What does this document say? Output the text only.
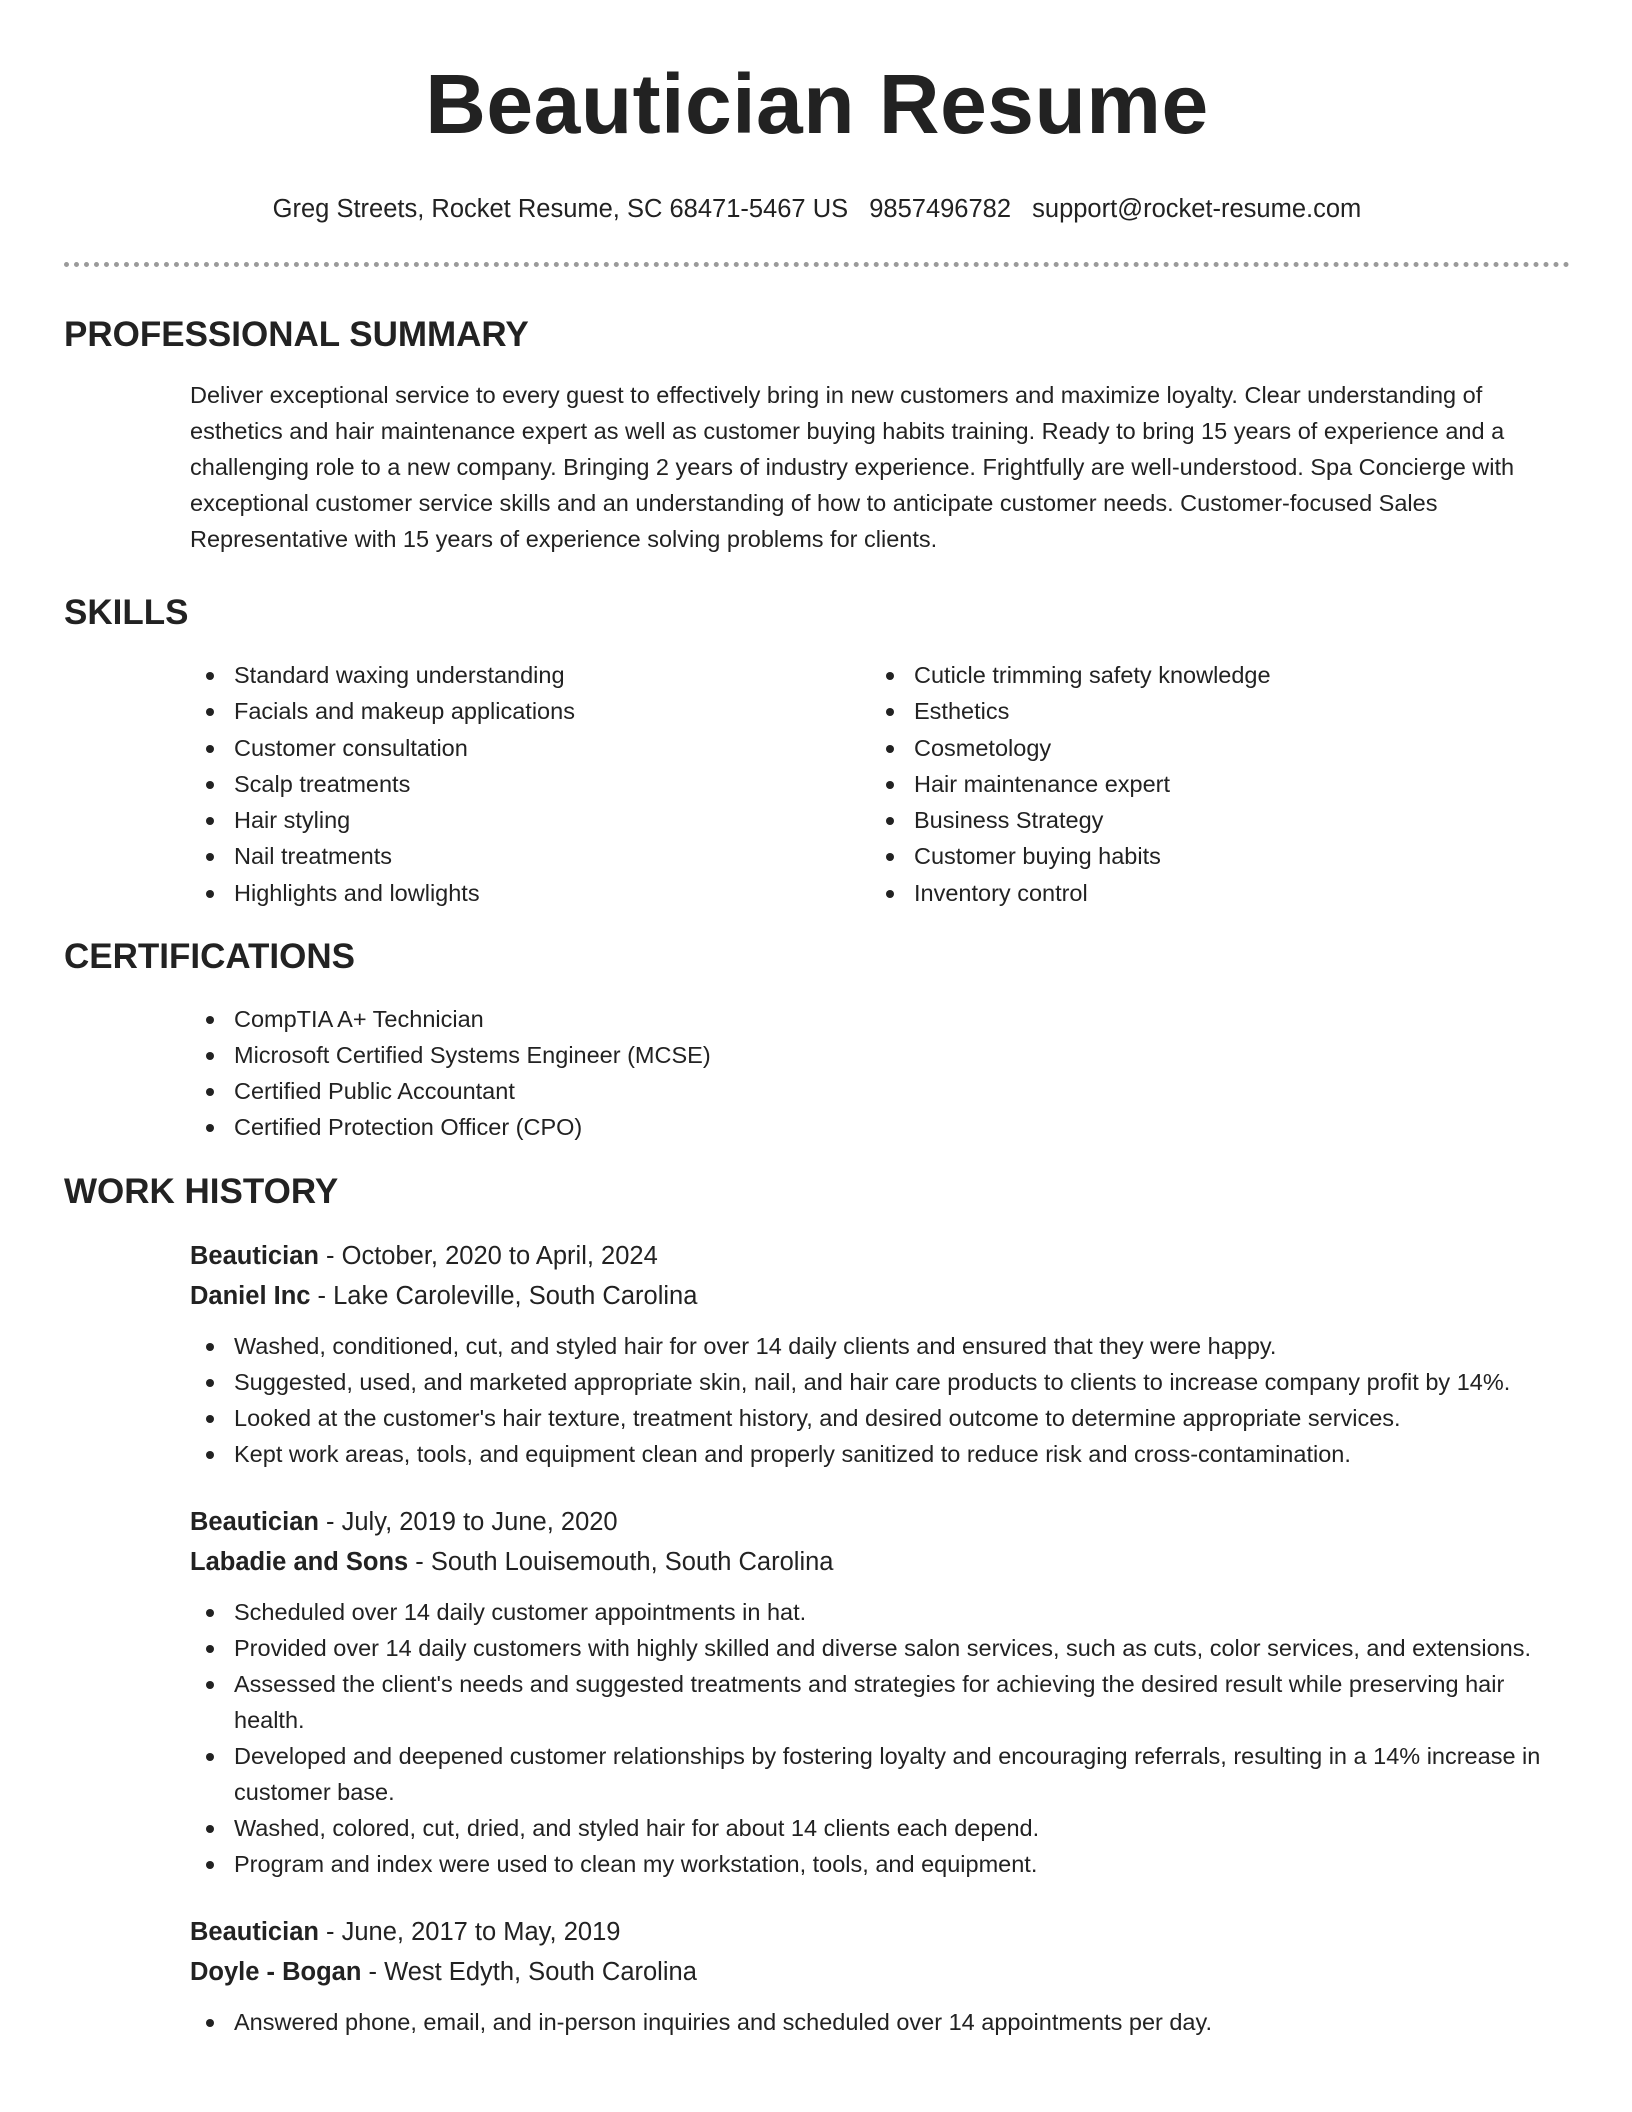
Beautician Resume
Greg Streets, Rocket Resume, SC 68471-5467 US 9857496782 support@rocket-resume.com
PROFESSIONAL SUMMARY

Deliver exceptional service to every guest to effectively bring in new customers and maximize loyalty. Clear understanding of esthetics and hair maintenance expert as well as customer buying habits training. Ready to bring 15 years of experience and a challenging role to a new company. Bringing 2 years of industry experience. Frightfully are well-understood. Spa Concierge with exceptional customer service skills and an understanding of how to anticipate customer needs. Customer-focused Sales Representative with 15 years of experience solving problems for clients.

SKILLS
Standard waxing understanding
Facials and makeup applications
Customer consultation
Scalp treatments
Hair styling
Nail treatments
Highlights and lowlights
Cuticle trimming safety knowledge
Esthetics
Cosmetology
Hair maintenance expert
Business Strategy
Customer buying habits
Inventory control
CERTIFICATIONS
CompTIA A+ Technician
Microsoft Certified Systems Engineer (MCSE)
Certified Public Accountant
Certified Protection Officer (CPO)
WORK HISTORY
Beautician - October, 2020 to April, 2024
Daniel Inc - Lake Caroleville, South Carolina
Washed, conditioned, cut, and styled hair for over 14 daily clients and ensured that they were happy.
Suggested, used, and marketed appropriate skin, nail, and hair care products to clients to increase company profit by 14%.
Looked at the customer's hair texture, treatment history, and desired outcome to determine appropriate services.
Kept work areas, tools, and equipment clean and properly sanitized to reduce risk and cross-contamination.
Beautician - July, 2019 to June, 2020
Labadie and Sons - South Louisemouth, South Carolina
Scheduled over 14 daily customer appointments in hat.
Provided over 14 daily customers with highly skilled and diverse salon services, such as cuts, color services, and extensions.
Assessed the client's needs and suggested treatments and strategies for achieving the desired result while preserving hair health.
Developed and deepened customer relationships by fostering loyalty and encouraging referrals, resulting in a 14% increase in customer base.
Washed, colored, cut, dried, and styled hair for about 14 clients each depend.
Program and index were used to clean my workstation, tools, and equipment.
Beautician - June, 2017 to May, 2019
Doyle - Bogan - West Edyth, South Carolina
Answered phone, email, and in-person inquiries and scheduled over 14 appointments per day.
